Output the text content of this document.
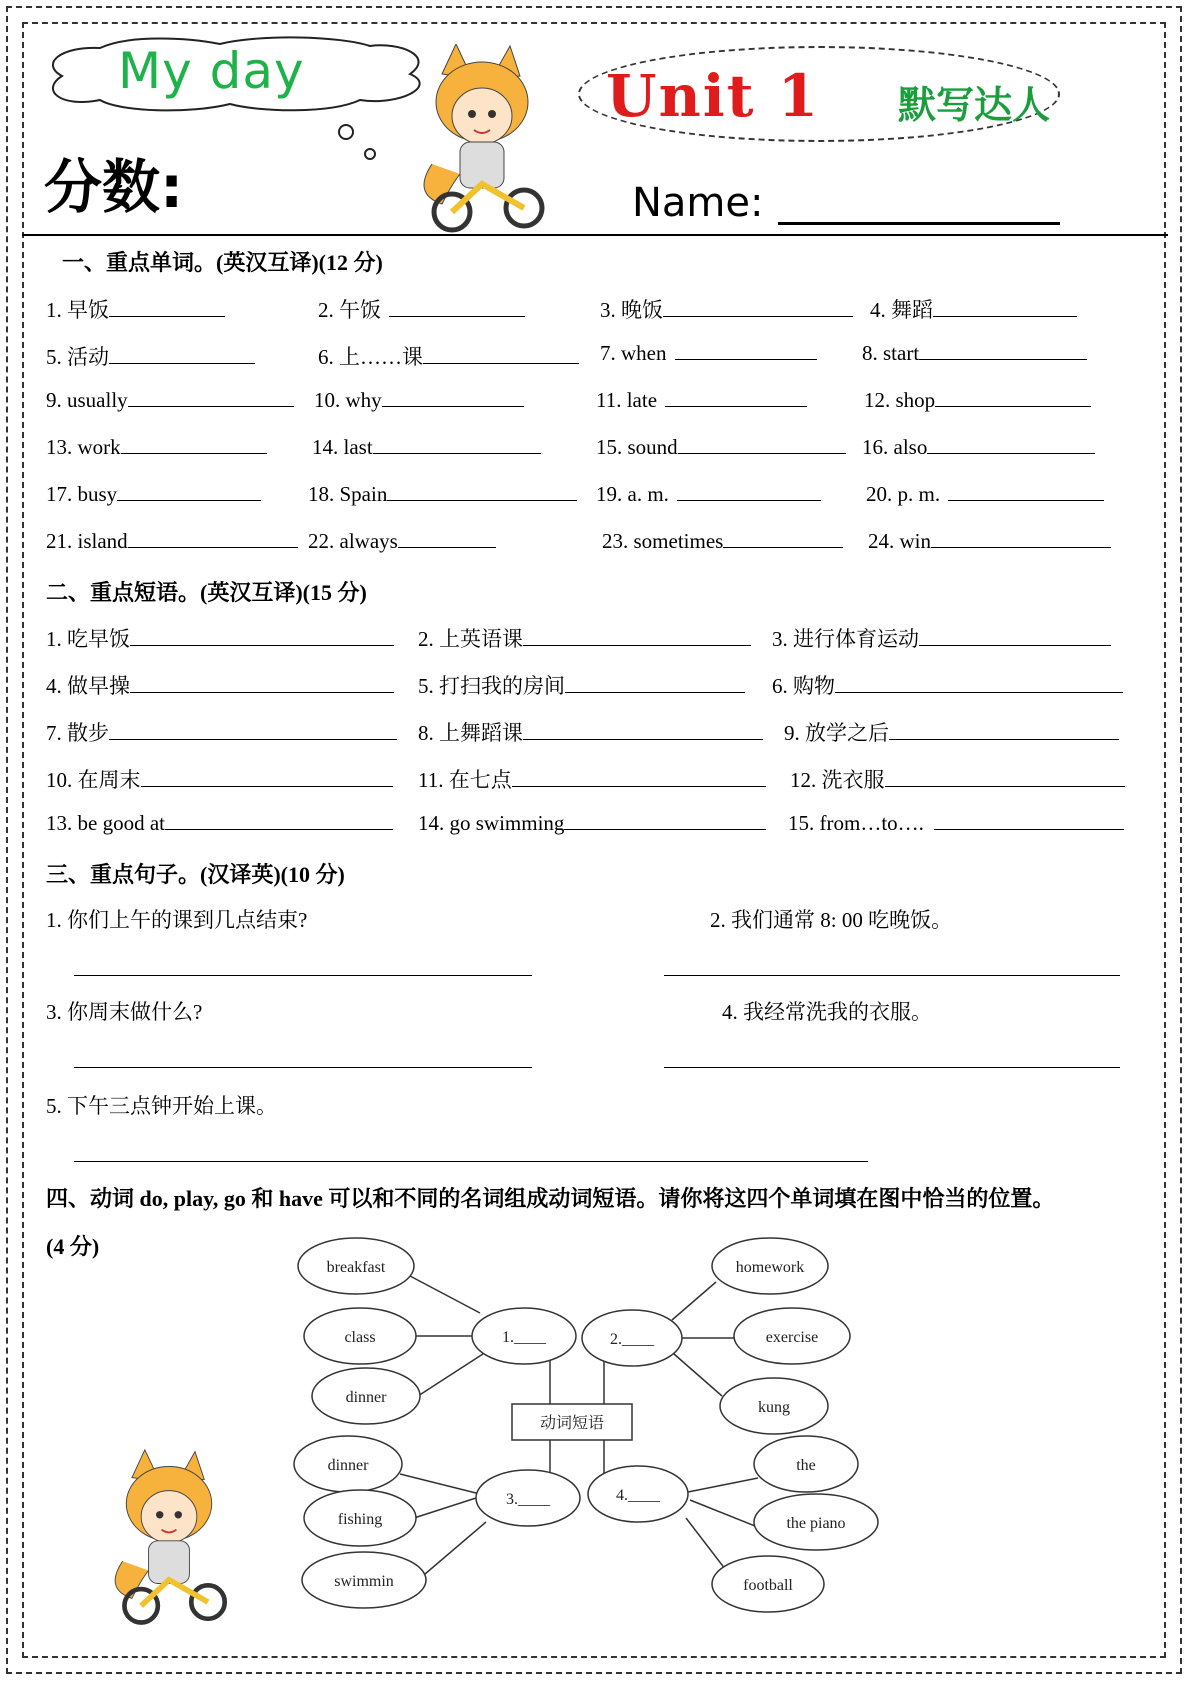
My day
分数:
Unit 1 默写达人
Name:
一、重点单词。(英汉互译)(12 分)
1. 早饭	2. 午饭	3. 晚饭	4. 舞蹈
5. 活动	6. 上……课	7. when	8. start
9. usually	10. why	11. late	12. shop
13. work	14. last	15. sound	16. also
17. busy	18. Spain	19. a. m.	20. p. m.
21. island	22. always	23. sometimes	24. win
二、重点短语。(英汉互译)(15 分)
1. 吃早饭	2. 上英语课	3. 进行体育运动
4. 做早操	5. 打扫我的房间	6. 购物
7. 散步	8. 上舞蹈课	9. 放学之后
10. 在周末	11. 在七点	12. 洗衣服
13. be good at	14. go swimming	15. from…to….
三、重点句子。(汉译英)(10 分)
1. 你们上午的课到几点结束?	2. 我们通常 8: 00 吃晚饭。
3. 你周末做什么?	4. 我经常洗我的衣服。
5. 下午三点钟开始上课。
四、动词 do, play, go 和 have 可以和不同的名词组成动词短语。请你将这四个单词填在图中恰当的位置。
(4 分)
breakfast
class
dinner
1.____	2.____
homework
exercise
kung
动词短语
dinner
fishing
swimmin
3.____	4.____
the
the piano
football
